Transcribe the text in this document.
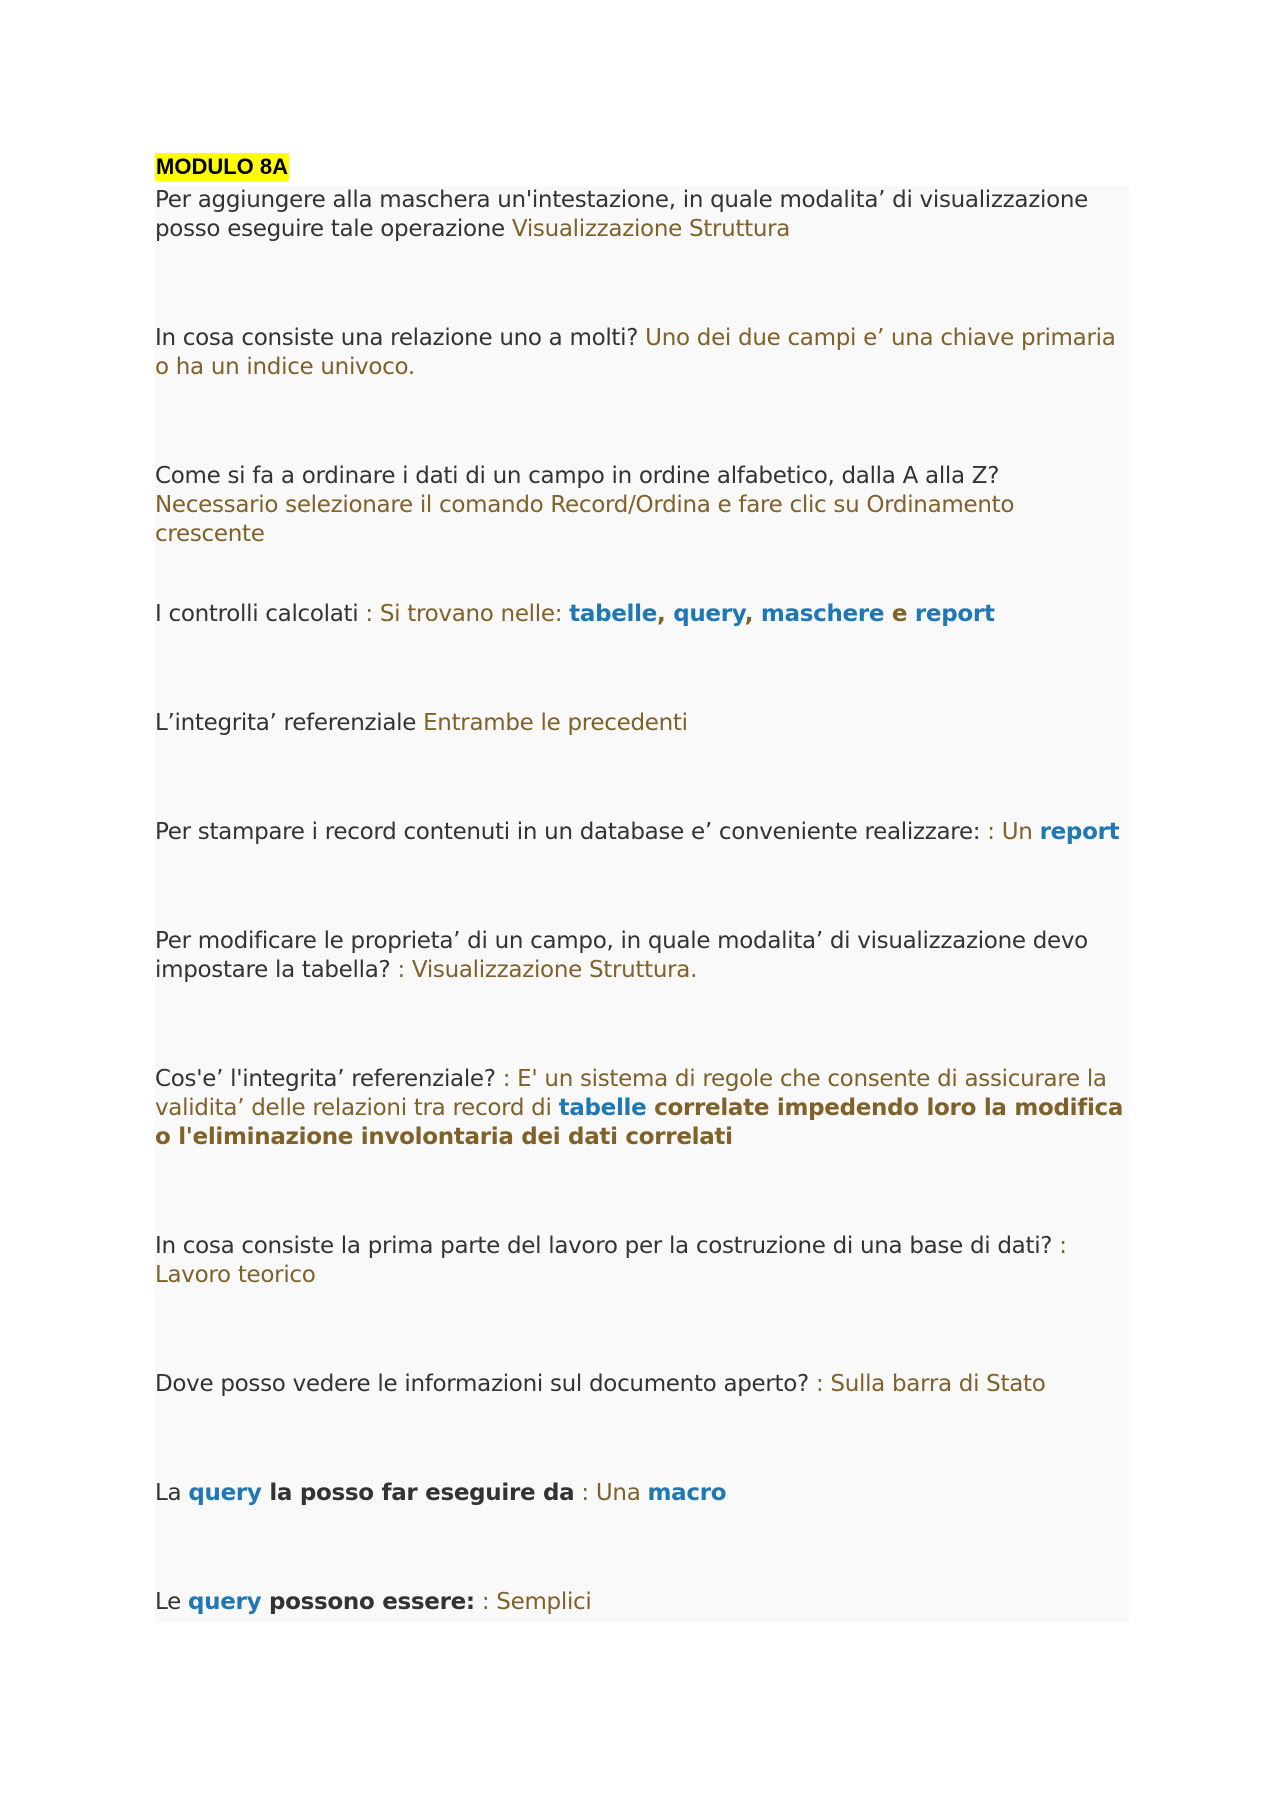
MODULO 8A
Per aggiungere alla maschera un'intestazione, in quale modalita’ di visualizzazione posso eseguire tale operazione Visualizzazione Struttura
In cosa consiste una relazione uno a molti? Uno dei due campi e’ una chiave primaria o ha un indice univoco.
Come si fa a ordinare i dati di un campo in ordine alfabetico, dalla A alla Z? Necessario selezionare il comando Record/Ordina e fare clic su Ordinamento crescente
I controlli calcolati : Si trovano nelle: tabelle, query, maschere e report
L’integrita’ referenziale Entrambe le precedenti
Per stampare i record contenuti in un database e’ conveniente realizzare: : Un report
Per modificare le proprieta’ di un campo, in quale modalita’ di visualizzazione devo impostare la tabella? : Visualizzazione Struttura.
Cos'e’ l'integrita’ referenziale? : E' un sistema di regole che consente di assicurare la validita’ delle relazioni tra record di tabelle correlate impedendo loro la modifica o l'eliminazione involontaria dei dati correlati
In cosa consiste la prima parte del lavoro per la costruzione di una base di dati? : Lavoro teorico
Dove posso vedere le informazioni sul documento aperto? : Sulla barra di Stato
La query la posso far eseguire da : Una macro
Le query possono essere: : Semplici
